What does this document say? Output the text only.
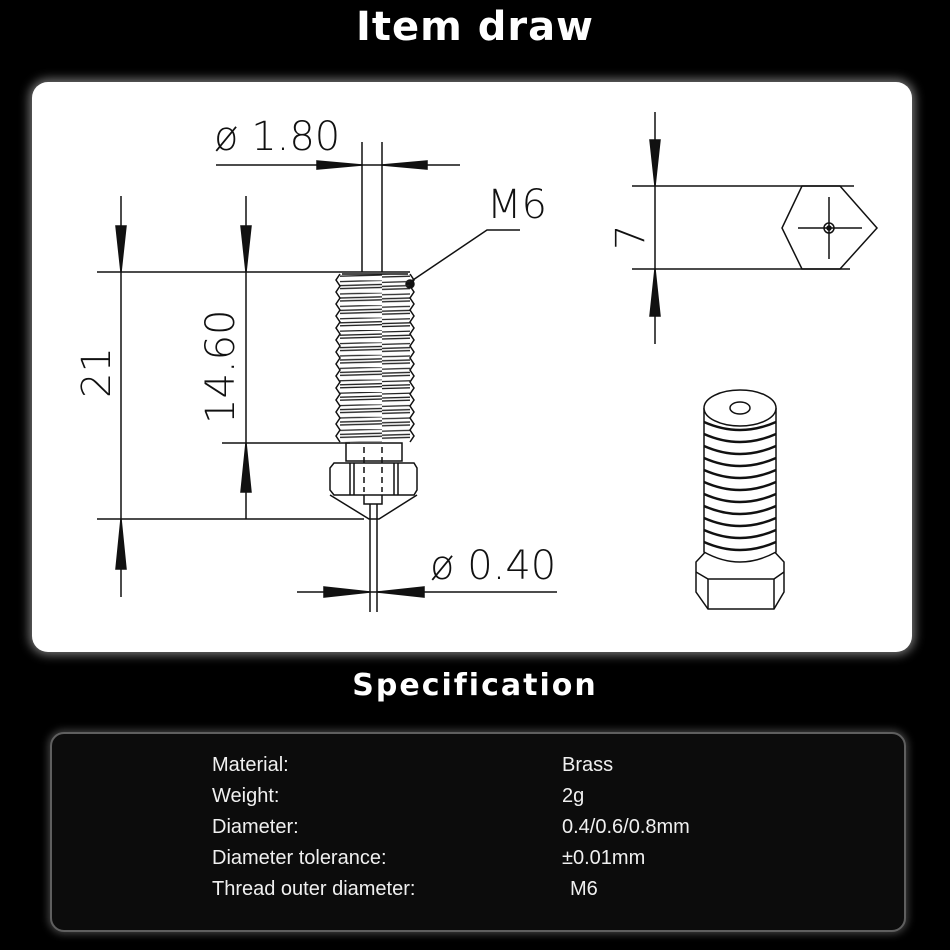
Item draw
ø 1.80
M6
21 14.60
ø 0.40
7
Specification
Material:	Brass
Weight:	2g
Diameter:	0.4/0.6/0.8mm
Diameter tolerance:	±0.01mm
Thread outer diameter:	M6
